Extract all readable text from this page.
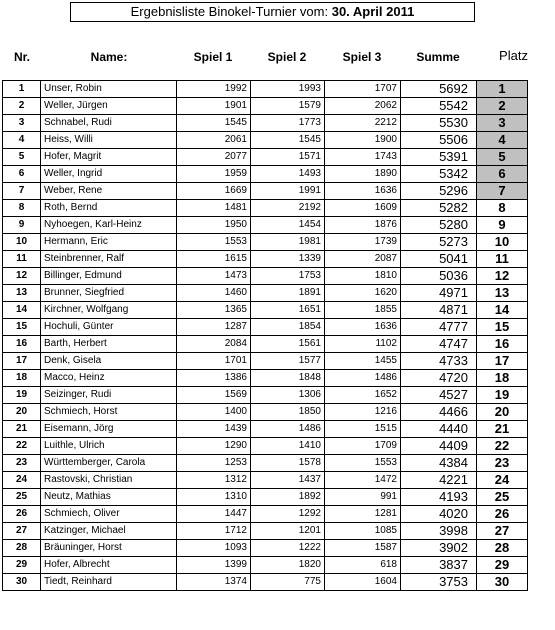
Ergebnisliste Binokel-Turnier vom: 30. April 2011
Nr.	Name:	Spiel 1	Spiel 2	Spiel 3	Summe	Platz
1	Unser, Robin	1992	1993	1707	5692	1
2	Weller, Jürgen	1901	1579	2062	5542	2
3	Schnabel, Rudi	1545	1773	2212	5530	3
4	Heiss, Willi	2061	1545	1900	5506	4
5	Hofer, Magrit	2077	1571	1743	5391	5
6	Weller, Ingrid	1959	1493	1890	5342	6
7	Weber, Rene	1669	1991	1636	5296	7
8	Roth, Bernd	1481	2192	1609	5282	8
9	Nyhoegen, Karl-Heinz	1950	1454	1876	5280	9
10	Hermann, Eric	1553	1981	1739	5273	10
11	Steinbrenner, Ralf	1615	1339	2087	5041	11
12	Billinger, Edmund	1473	1753	1810	5036	12
13	Brunner, Siegfried	1460	1891	1620	4971	13
14	Kirchner, Wolfgang	1365	1651	1855	4871	14
15	Hochuli, Günter	1287	1854	1636	4777	15
16	Barth, Herbert	2084	1561	1102	4747	16
17	Denk, Gisela	1701	1577	1455	4733	17
18	Macco, Heinz	1386	1848	1486	4720	18
19	Seizinger, Rudi	1569	1306	1652	4527	19
20	Schmiech, Horst	1400	1850	1216	4466	20
21	Eisemann, Jörg	1439	1486	1515	4440	21
22	Luithle, Ulrich	1290	1410	1709	4409	22
23	Württemberger, Carola	1253	1578	1553	4384	23
24	Rastovski, Christian	1312	1437	1472	4221	24
25	Neutz, Mathias	1310	1892	991	4193	25
26	Schmiech, Oliver	1447	1292	1281	4020	26
27	Katzinger, Michael	1712	1201	1085	3998	27
28	Bräuninger, Horst	1093	1222	1587	3902	28
29	Hofer, Albrecht	1399	1820	618	3837	29
30	Tiedt, Reinhard	1374	775	1604	3753	30
